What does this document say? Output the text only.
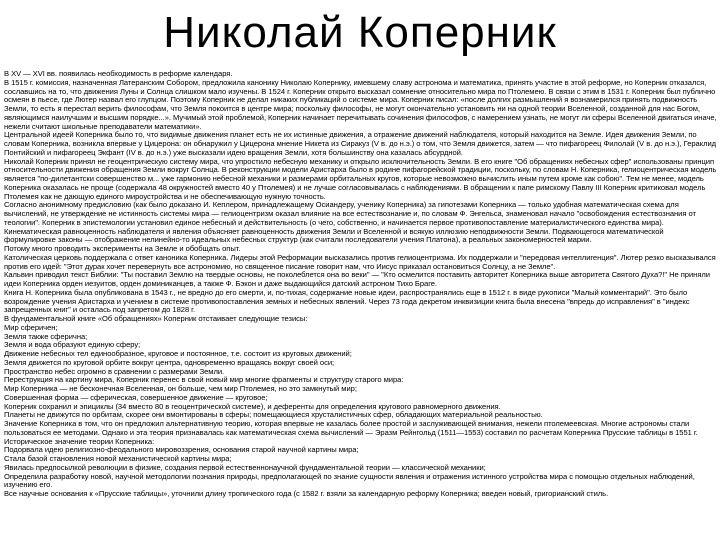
Николай Коперник

В XV — XVI вв. появилась необходимость в реформе календаря.

В 1515 г. комиссия, назначенная Латеранским Собором, предложила канонику Николаю Копернику, имевшему славу астронома и математика, принять участие в этой реформе, но Коперник отказался, сославшись на то, что движения Луны и Солнца слишком мало изучены. В 1524 г. Коперник открыто высказал сомнение относительно мира по Птолемею. В связи с этим в 1531 г. Коперник был публично осмеян в пьесе, где Лютер назвал его глупцом. Поэтому Коперник не делал никаких публикаций о системе мира. Коперник писал: «после долгих размышлений я вознамерился принять подвижность Земли, то есть я перестал верить философам, что Земля покоится в центре мира; поскольку философы, не могут окончательно установить ни на одной теории Вселенной, созданной для нас Богом, являющимся наилучшим и высшим порядке...». Мучимый этой проблемой, Коперник начинает перечитывать сочинения философов, с намерением узнать, не могут ли сферы Вселенной двигаться иначе, нежели считают школьные преподаватели математики».

Центральной идеей Коперника было то, что видимые движения планет есть не их истинные движения, а отражение движений наблюдателя, который находится на Земле. Идея движения Земли, по словам Коперника, возникла впервые у Цицерона: он обнаружил у Цицерона мнение Никета из Сиракуз (V в. до н.э.) о том, что Земля движется, затем — что пифагореец Филолай (V в. до н.э.), Гераклид Понтийский и пифагореец Экфант (IV в. до н.э.) уже высказали идею вращения Земли, хотя большинству она казалась абсурдной.

Николай Коперник принял не геоцентрическую систему мира, что упростило небесную механику и открыло исключительность Земли. В его книге "Об обращениях небесных сфер" использованы принцип относительности движения обращения Земли вокруг Солнца. В реконструкции модели Аристарха было в родине пифагорейской традиции, поскольку, по словам Н. Коперника, гелиоцентрическая модель является "по-дилетантски совершенство м... уже гармонию небесной механики и размерами орбитальных кругов, которые невозможно вычислить иным путем кроме как собою". Тем не менее, модель Коперника оказалась не проще (содержала 48 окружностей вместо 40 у Птолемея) и не лучше согласовывалась с наблюдениями. В обращении к папе римскому Павлу III Коперник критиковал модель Птолемея как не дающую единого мироустройства и не обеспечивающую нужную точность.

Согласно анонимному предисловию (как было доказано И. Кеплером, принадлежащему Осиандеру, ученику Коперника) за гипотезами Коперника — только удобная математическая схема для вычислений, не утверждение не истинность системы мира — гелиоцентризм оказал влияние на все естествознание и, по словам Ф. Энгельса, знаменовал начало "освобождения естествознания от теологии". Коперник в эпистемологии установил единое небесный и действительность (о чего, собственно, и начинается первое противопоставление материалистического единства мира).

Кинематическая равноценность наблюдателя и явления объясняет равноценность движения Земли и Вселенной и всякую иллюзию неподвижности Земли. Подвающегося математической формулировке законы — отображение нелинейно-то идеальных небесных структур (как считали последователи учения Платона), а реальных закономерностей марии.

Потому много проводить эксперименты на Земле и обобщать опыт.

Католическая церковь поддержала с ответ каноника Коперника. Лидеры этой Реформации высказались против гелиоцентризма. Их поддержали и "передовая интеллигенция". Лютер резко высказывался против его идей: "Этот дурак хочет перевернуть все астрономию, но священное писание говорит нам, что Иисус приказал остановиться Солнцу, а не Земле".

Кальвин приводил текст Библии: "Ты поставил Землю на твердые основы, не поколеблется она во веки" — "Кто осмелится поставить авторитет Коперника выше авторитета Святого Духа?!" Не приняли идеи Коперника орден иезуитов, орден доминиканцев, а также Ф. Бэкон и даже выдающийся датский астроном Тихо Браге.

Книга Н. Коперника была опубликована в 1543 г., не вредно до его смерти, и, по-тихая, содержание новые идеи, распространялись еще в 1512 г. в виде рукописи "Малый комментарий". Это было возрождение учения Аристарха и учением в системе противопоставления земных и небесных явлений. Через 73 года декретом инквизиции книга была внесена "впредь до исправления" в "индекс запрещенных книг" и осталась под запретом до 1828 г.

В фундаментальной книге «Об обращениях» Коперник отстаивает следующие тезисы:

Мир сферичен;

Земля также сферична;

Земля и вода образуют единую сферу;

Движение небесных тел единообразное, круговое и постоянное, т.е. состоит из круговых движений;

Земля движется по круговой орбите вокруг центра, одновременно вращаясь вокруг своей оси;

Пространство небес огромно в сравнении с размерами Земли.

Переструкция на картину мира, Коперник перенес в свой новый мир многие фрагменты и структуру старого мира:

Мир Коперника — не бесконечная Вселенная, он больше, чем мир Птолемея, но это замкнутый мир;

Совершенная форма — сферическая, совершенное движение — круговое;

Коперник сохранил и эпициклы (34 вместо 80 в геоцентрической системе), и деференты для определения кругового равномерного движения.

Планеты не движутся по орбитам, скорее они вмонтированы в сферы; помещающиеся хрусталистичных сфер, обладающих материальной реальностью.

Значение Коперника в том, что он предложил альтернативную теорию, которая впервые не казалась более простой и заслуживающей внимания, нежели птолемеевская. Многие астрономы стали пользоваться ее методами. Однако и эта теория признавалась как математическая схема вычислений — Эразм Рейнгольд (1511—1553) составил по расчетам Коперника Прусские таблицы в 1551 г.

Историческое значение теории Коперника:

Подорвала идею религиозно-феодального мировоззрения, основания старой научной картины мира;

Стала базой становления новой механистической картины мира;

Явилась предпосылкой революции в физике, создания первой естественнонаучной фундаментальной теории — классической механики;

Определила разработку новой, научной методологии познания природы, предполагающей по знание сущности явления и отражения истинного устройства мира с помощью отдельных наблюдений, изучению его.

Все научные основания к «Прусские таблицы», уточнили длину тропического года (с 1582 г. взяли за календарную реформу Коперника; введен новый, григорианский стиль.
